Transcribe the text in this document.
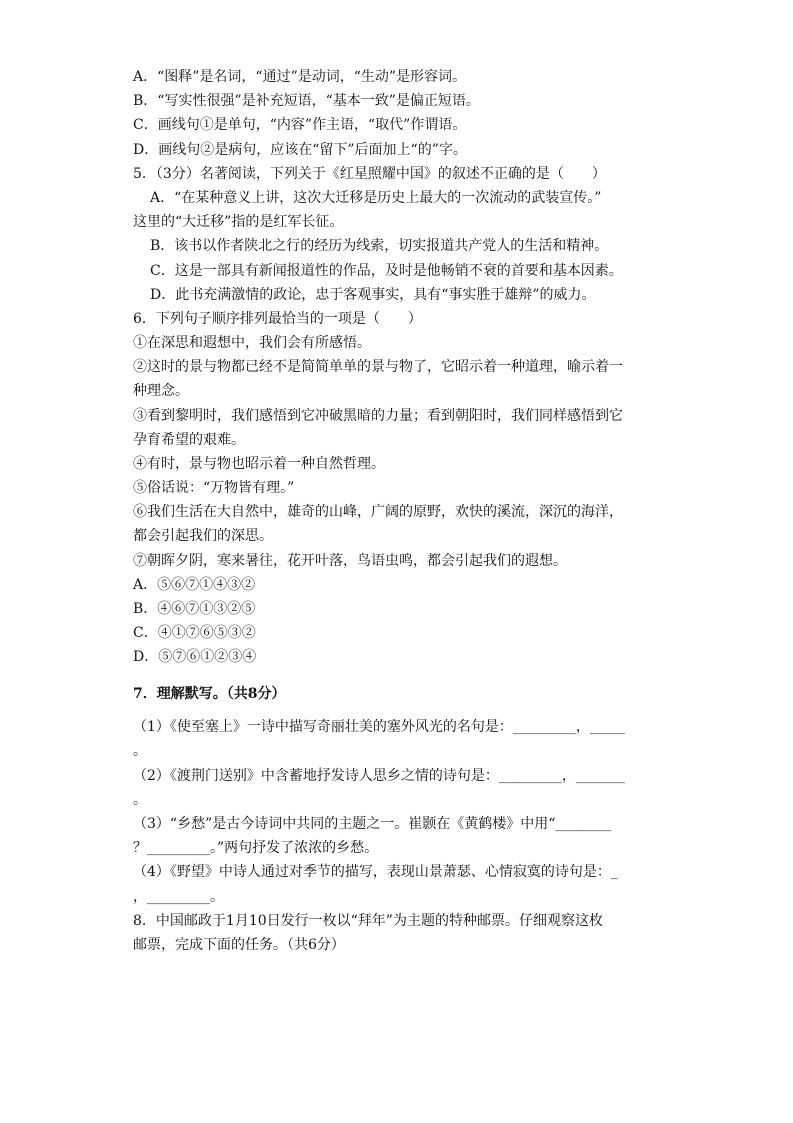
A．“图释”是名词，“通过”是动词，“生动”是形容词。
B．“写实性很强”是补充短语，“基本一致”是偏正短语。
C．画线句①是单句，“内容”作主语，“取代”作谓语。
D．画线句②是病句，应该在“留下”后面加上“的”字。
5．（3分）名著阅读，下列关于《红星照耀中国》的叙述不正确的是（　　）
A．“在某种意义上讲，这次大迁移是历史上最大的一次流动的武装宣传。”
这里的“大迁移”指的是红军长征。
B．该书以作者陕北之行的经历为线索，切实报道共产党人的生活和精神。
C．这是一部具有新闻报道性的作品，及时是他畅销不衰的首要和基本因素。
D．此书充满激情的政论，忠于客观事实，具有“事实胜于雄辩”的威力。
6．下列句子顺序排列最恰当的一项是（　　）
①在深思和遐想中，我们会有所感悟。
②这时的景与物都已经不是简简单单的景与物了，它昭示着一种道理，喻示着一
种理念。
③看到黎明时，我们感悟到它冲破黑暗的力量；看到朝阳时，我们同样感悟到它
孕育希望的艰难。
④有时，景与物也昭示着一种自然哲理。
⑤俗话说：“万物皆有理。”
⑥我们生活在大自然中，雄奇的山峰，广阔的原野，欢快的溪流，深沉的海洋，
都会引起我们的深思。
⑦朝晖夕阴，寒来暑往，花开叶落，鸟语虫鸣，都会引起我们的遐想。
A．⑤⑥⑦①④③②
B．④⑥⑦①③②⑤
C．④①⑦⑥⑤③②
D．⑤⑦⑥①②③④
7．理解默写。（共8分）
（1）《使至塞上》一诗中描写奇丽壮美的塞外风光的名句是：_________，_____
。
（2）《渡荆门送别》中含蓄地抒发诗人思乡之情的诗句是：_________，_______
。
（3）“乡愁”是古今诗词中共同的主题之一。崔颢在《黄鹤楼》中用“________
？_________。”两句抒发了浓浓的乡愁。
（4）《野望》中诗人通过对季节的描写，表现山景萧瑟、心情寂寞的诗句是：_
，_________。
8．中国邮政于1月10日发行一枚以“拜年”为主题的特种邮票。仔细观察这枚
邮票，完成下面的任务。（共6分）
